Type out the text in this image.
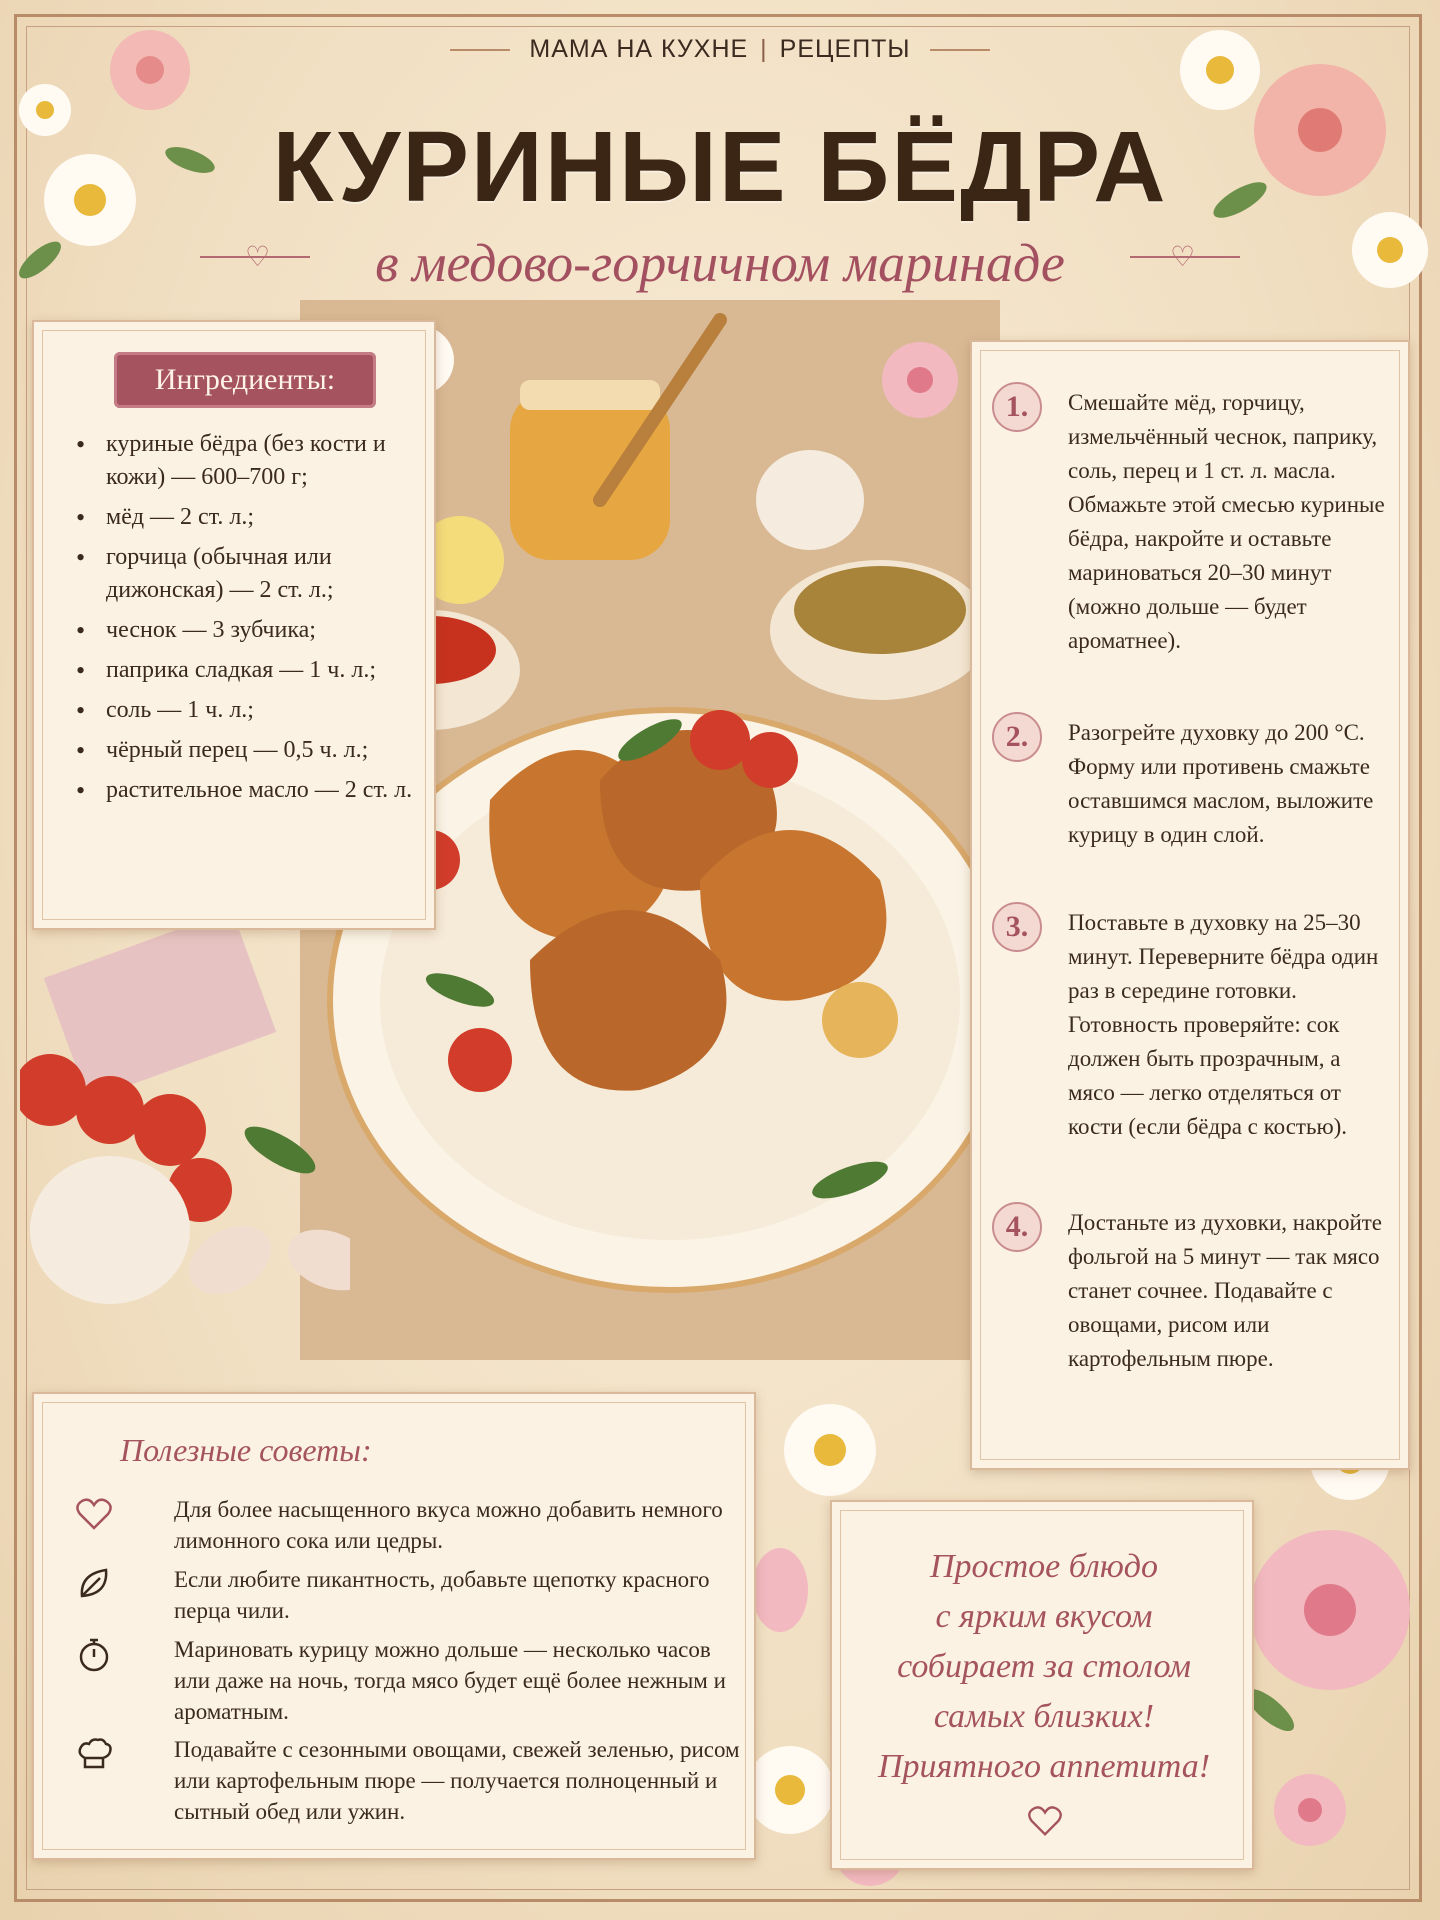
МАМА НА КУХНЕ | РЕЦЕПТЫ
КУРИНЫЕ БЁДРА
♡	♡
в медово-горчичном маринаде
Ингредиенты:
• куриные бёдра (без кости и кожи) — 600–700 г;
• мёд — 2 ст. л.;
• горчица (обычная или дижонская) — 2 ст. л.;
• чеснок — 3 зубчика;
• паприка сладкая — 1 ч. л.;
• соль — 1 ч. л.;
• чёрный перец — 0,5 ч. л.;
• растительное масло — 2 ст. л.
1.	Смешайте мёд, горчицу, измельчённый чеснок, паприку, соль, перец и 1 ст. л. масла. Обмажьте этой смесью куриные бёдра, накройте и оставьте мариноваться 20–30 минут (можно дольше — будет ароматнее).
2.	Разогрейте духовку до 200 °С. Форму или противень смажьте оставшимся маслом, выложите курицу в один слой.
3.	Поставьте в духовку на 25–30 минут. Переверните бёдра один раз в середине готовки. Готовность проверяйте: сок должен быть прозрачным, а мясо — легко отделяться от кости (если бёдра с костью).
4.	Достаньте из духовки, накройте фольгой на 5 минут — так мясо станет сочнее. Подавайте с овощами, рисом или картофельным пюре.
Полезные советы:
Для более насыщенного вкуса можно добавить немного лимонного сока или цедры.
Если любите пикантность, добавьте щепотку красного перца чили.
Мариновать курицу можно дольше — несколько часов или даже на ночь, тогда мясо будет ещё более нежным и ароматным.
Подавайте с сезонными овощами, свежей зеленью, рисом или картофельным пюре — получается полноценный и сытный обед или ужин.
Простое блюдо
с ярким вкусом
собирает за столом
самых близких!
Приятного аппетита!
